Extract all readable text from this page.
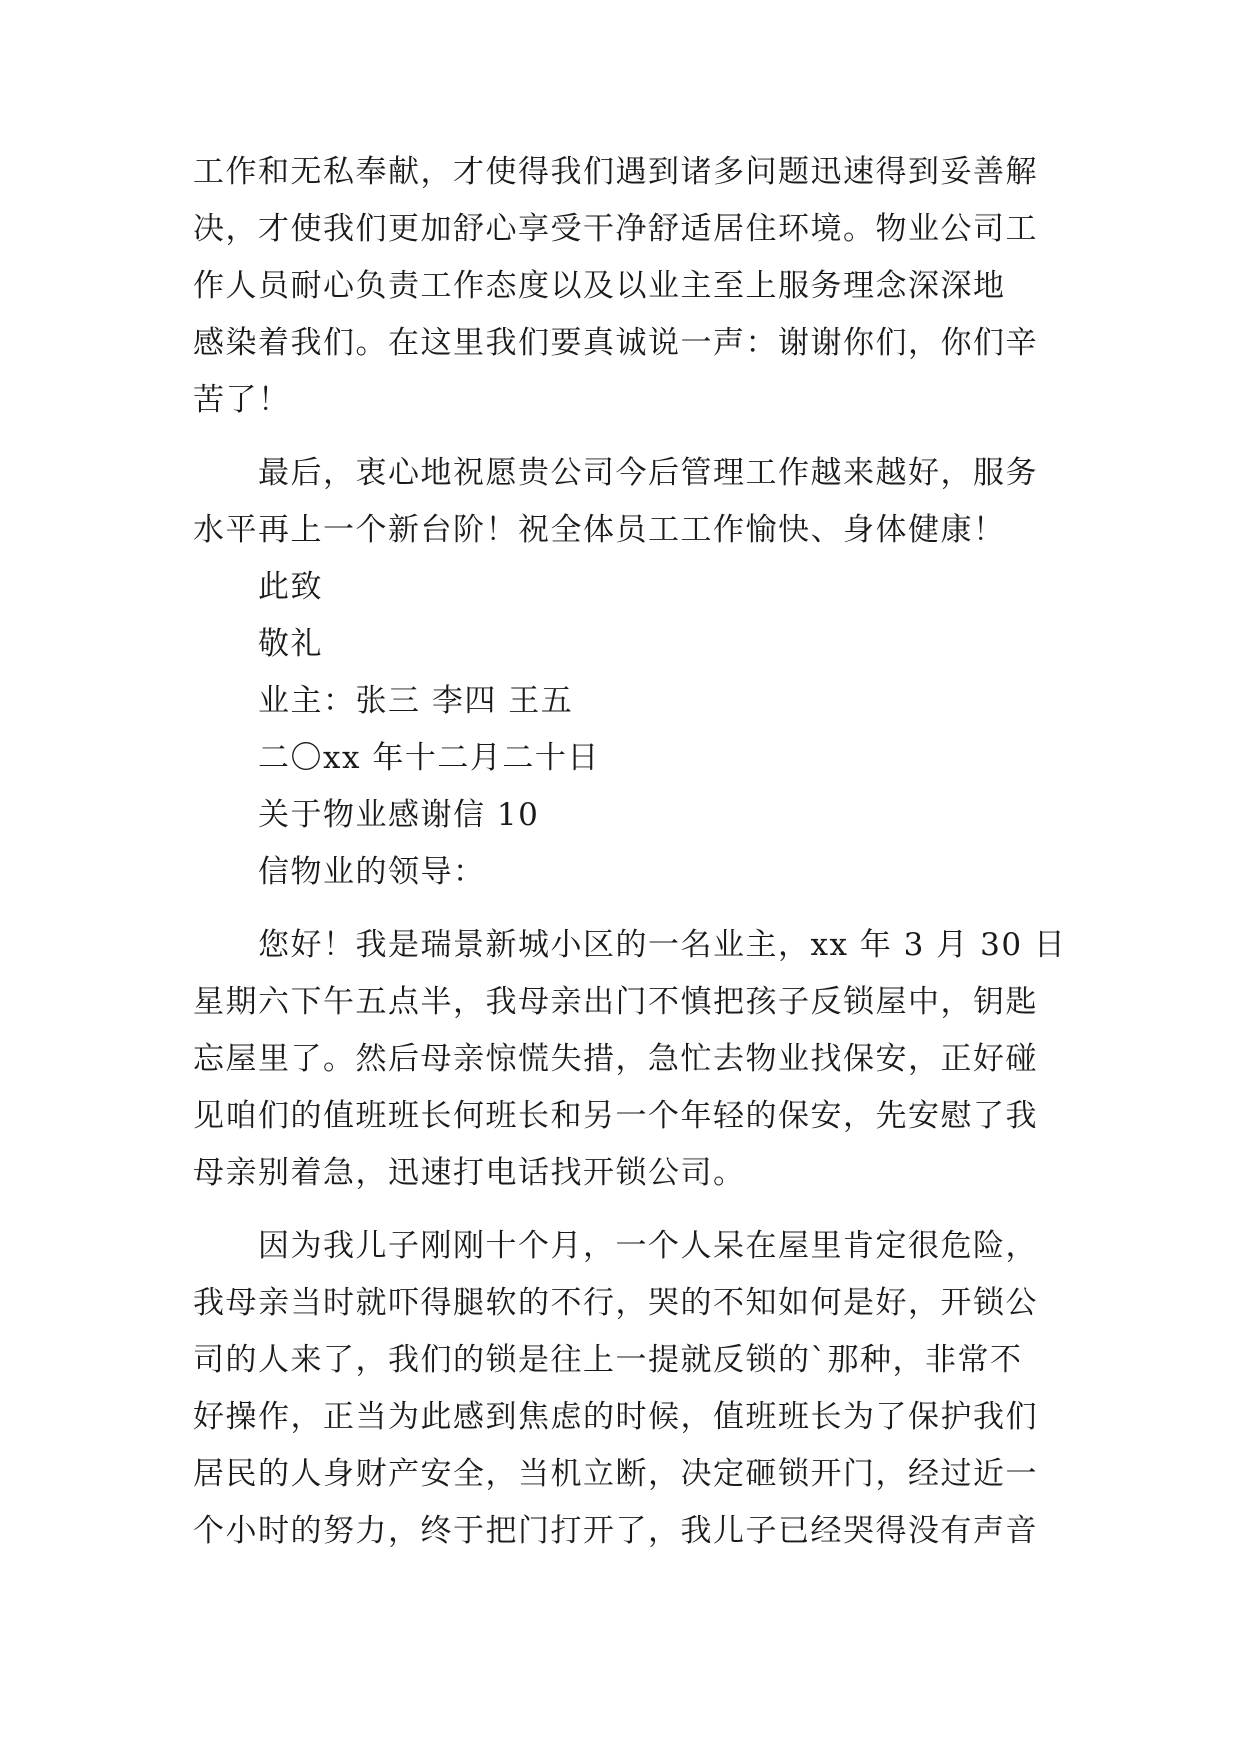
工作和无私奉献，才使得我们遇到诸多问题迅速得到妥善解
决，才使我们更加舒心享受干净舒适居住环境。物业公司工
作人员耐心负责工作态度以及以业主至上服务理念深深地
感染着我们。在这里我们要真诚说一声：谢谢你们，你们辛
苦了！
最后，衷心地祝愿贵公司今后管理工作越来越好，服务
水平再上一个新台阶！祝全体员工工作愉快、身体健康！
此致
敬礼
业主：张三 李四 王五
二〇xx 年十二月二十日
关于物业感谢信 10
信物业的领导：
您好！我是瑞景新城小区的一名业主，xx 年 3 月 30 日
星期六下午五点半，我母亲出门不慎把孩子反锁屋中，钥匙
忘屋里了。然后母亲惊慌失措，急忙去物业找保安，正好碰
见咱们的值班班长何班长和另一个年轻的保安，先安慰了我
母亲别着急，迅速打电话找开锁公司。
因为我儿子刚刚十个月，一个人呆在屋里肯定很危险，
我母亲当时就吓得腿软的不行，哭的不知如何是好，开锁公
司的人来了，我们的锁是往上一提就反锁的`那种，非常不
好操作，正当为此感到焦虑的时候，值班班长为了保护我们
居民的人身财产安全，当机立断，决定砸锁开门，经过近一
个小时的努力，终于把门打开了，我儿子已经哭得没有声音
